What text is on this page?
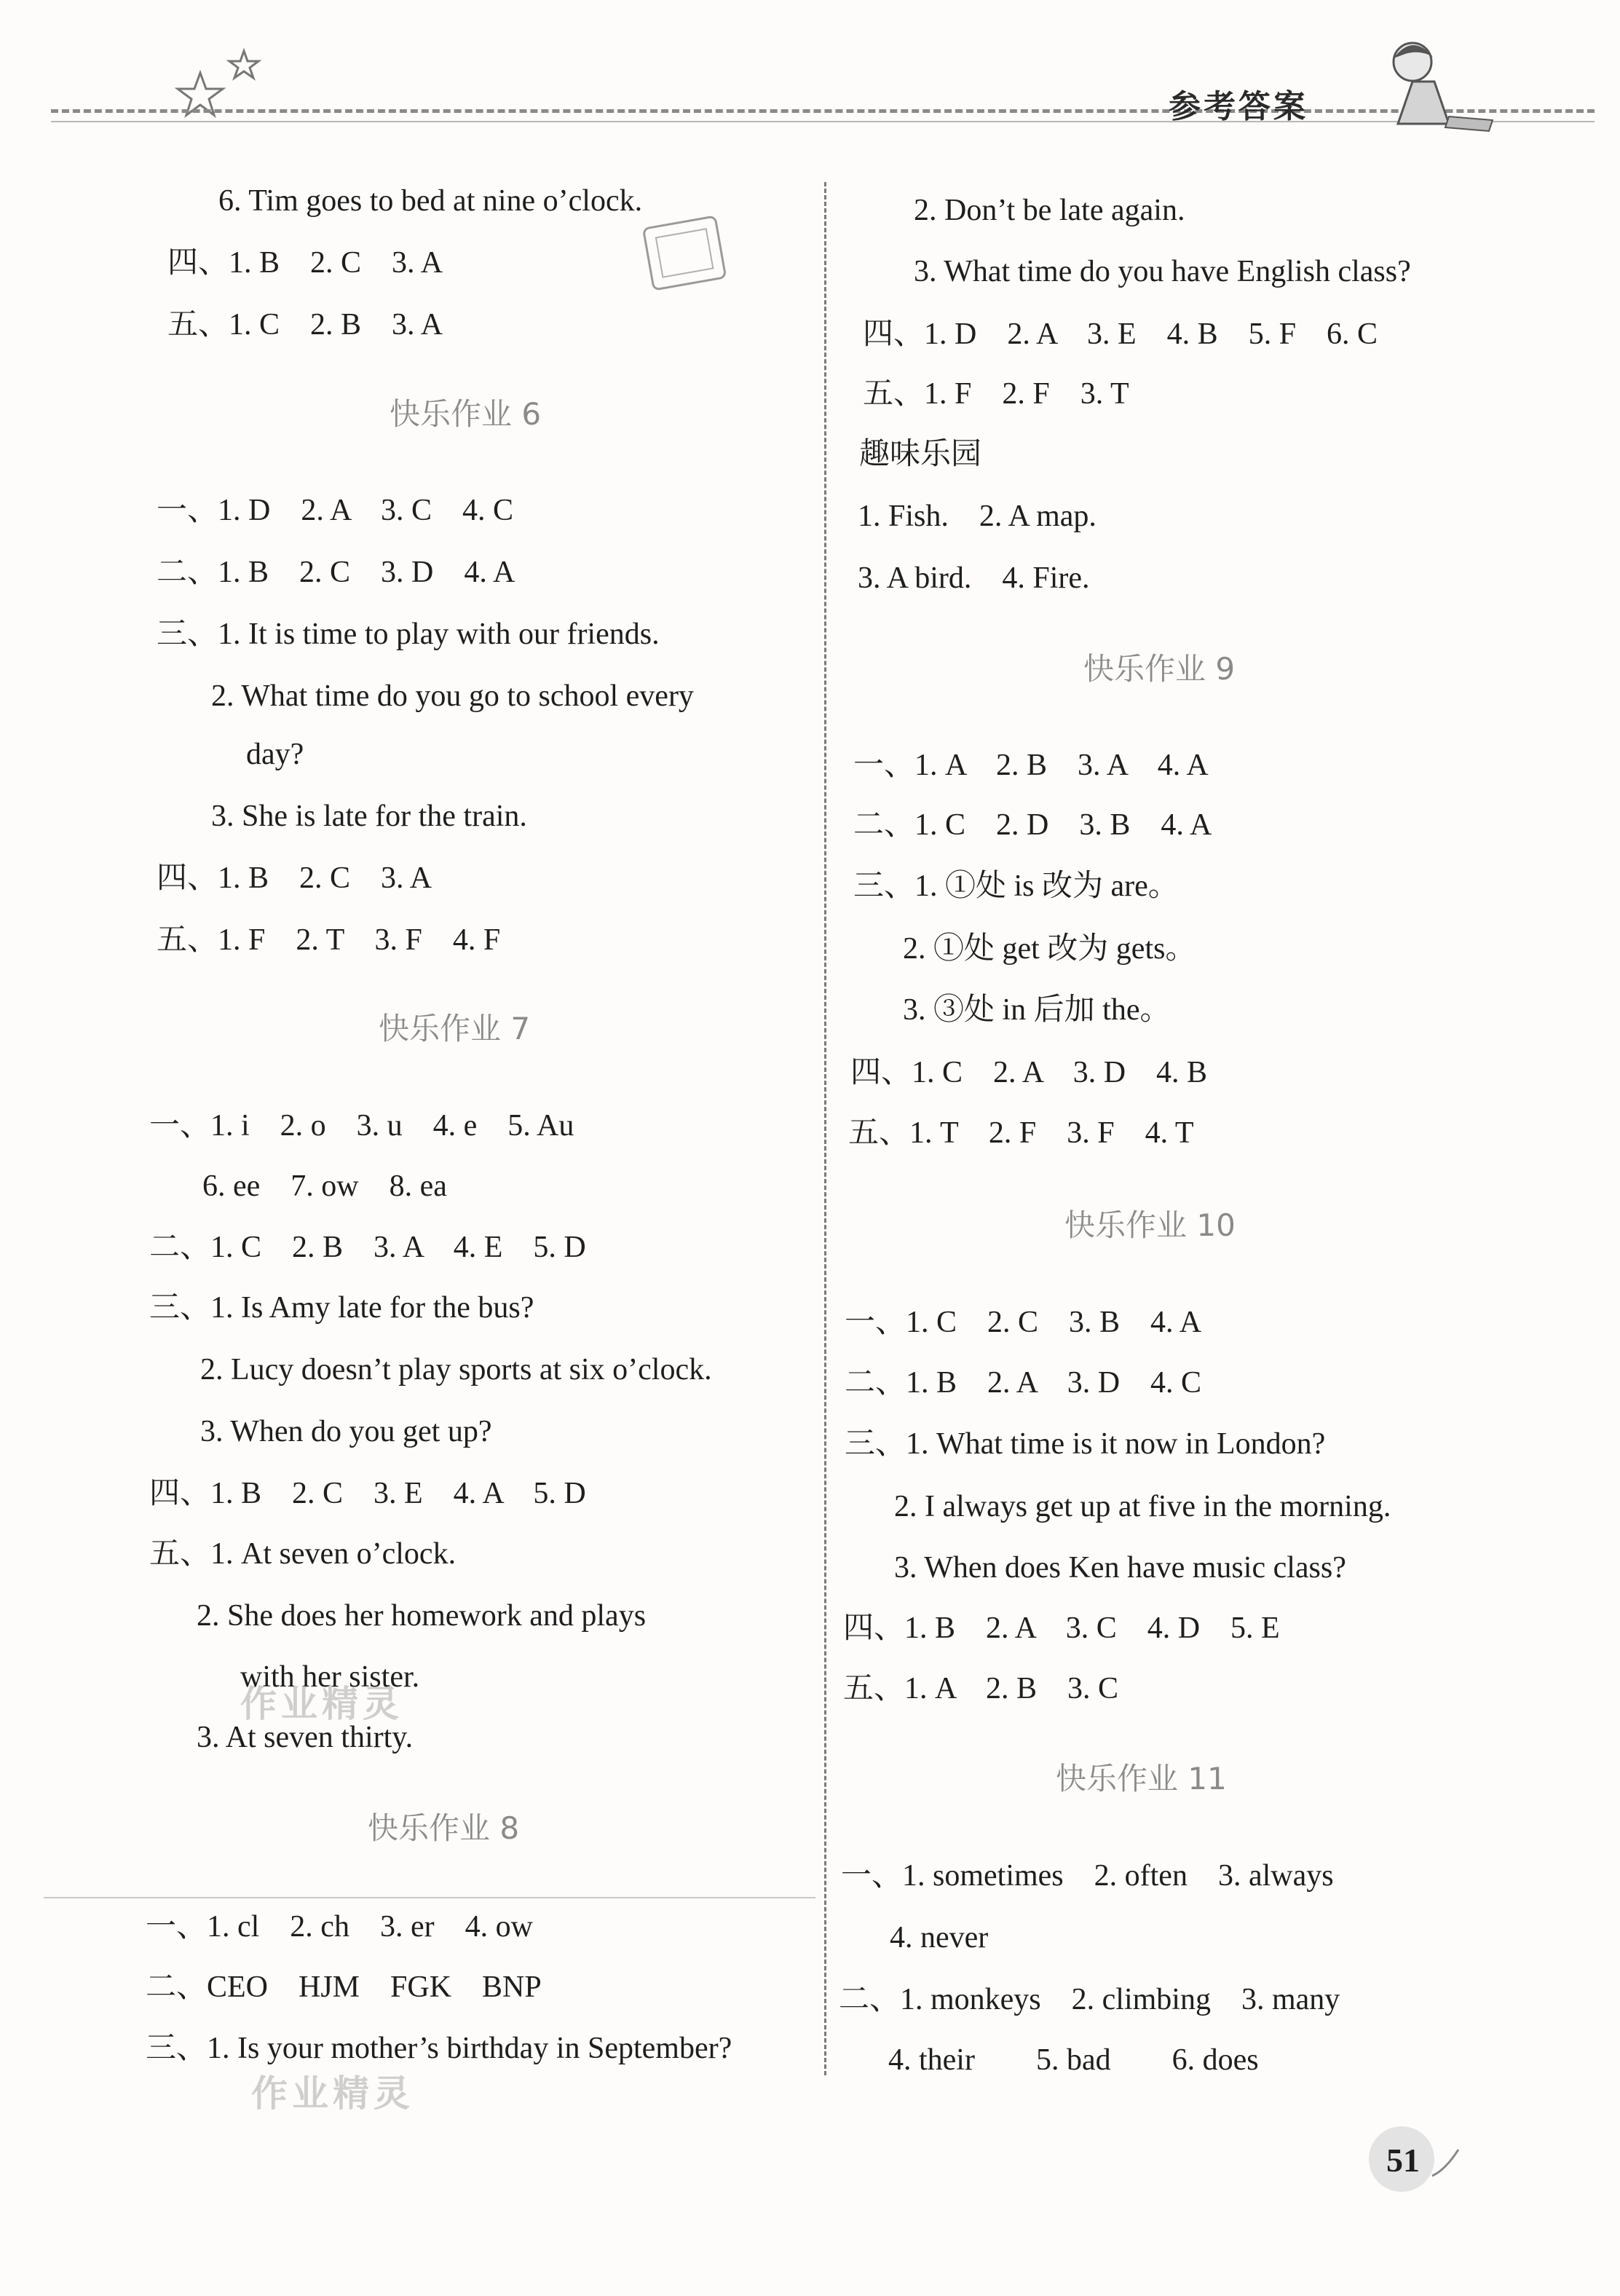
参考答案
6. Tim goes to bed at nine o’clock.
四、1. B　2. C　3. A
五、1. C　2. B　3. A
快乐作业 6
一、1. D　2. A　3. C　4. C
二、1. B　2. C　3. D　4. A
三、1. It is time to play with our friends.
2. What time do you go to school every
day?
3. She is late for the train.
四、1. B　2. C　3. A
五、1. F　2. T　3. F　4. F
快乐作业 7
一、1. i　2. o　3. u　4. e　5. Au
6. ee　7. ow　8. ea
二、1. C　2. B　3. A　4. E　5. D
三、1. Is Amy late for the bus?
2. Lucy doesn’t play sports at six o’clock.
3. When do you get up?
四、1. B　2. C　3. E　4. A　5. D
五、1. At seven o’clock.
2. She does her homework and plays
with her sister.
3. At seven thirty.
快乐作业 8
一、1. cl　2. ch　3. er　4. ow
二、CEO　HJM　FGK　BNP
三、1. Is your mother’s birthday in September?
2. Don’t be late again.
3. What time do you have English class?
四、1. D　2. A　3. E　4. B　5. F　6. C
五、1. F　2. F　3. T
趣味乐园
1. Fish.　2. A map.
3. A bird.　4. Fire.
快乐作业 9
一、1. A　2. B　3. A　4. A
二、1. C　2. D　3. B　4. A
三、1. ①处 is 改为 are。
2. ①处 get 改为 gets。
3. ③处 in 后加 the。
四、1. C　2. A　3. D　4. B
五、1. T　2. F　3. F　4. T
快乐作业 10
一、1. C　2. C　3. B　4. A
二、1. B　2. A　3. D　4. C
三、1. What time is it now in London?
2. I always get up at five in the morning.
3. When does Ken have music class?
四、1. B　2. A　3. C　4. D　5. E
五、1. A　2. B　3. C
快乐作业 11
一、1. sometimes　2. often　3. always
4. never
二、1. monkeys　2. climbing　3. many
4. their　　5. bad　　6. does
作业精灵
作业精灵
51
